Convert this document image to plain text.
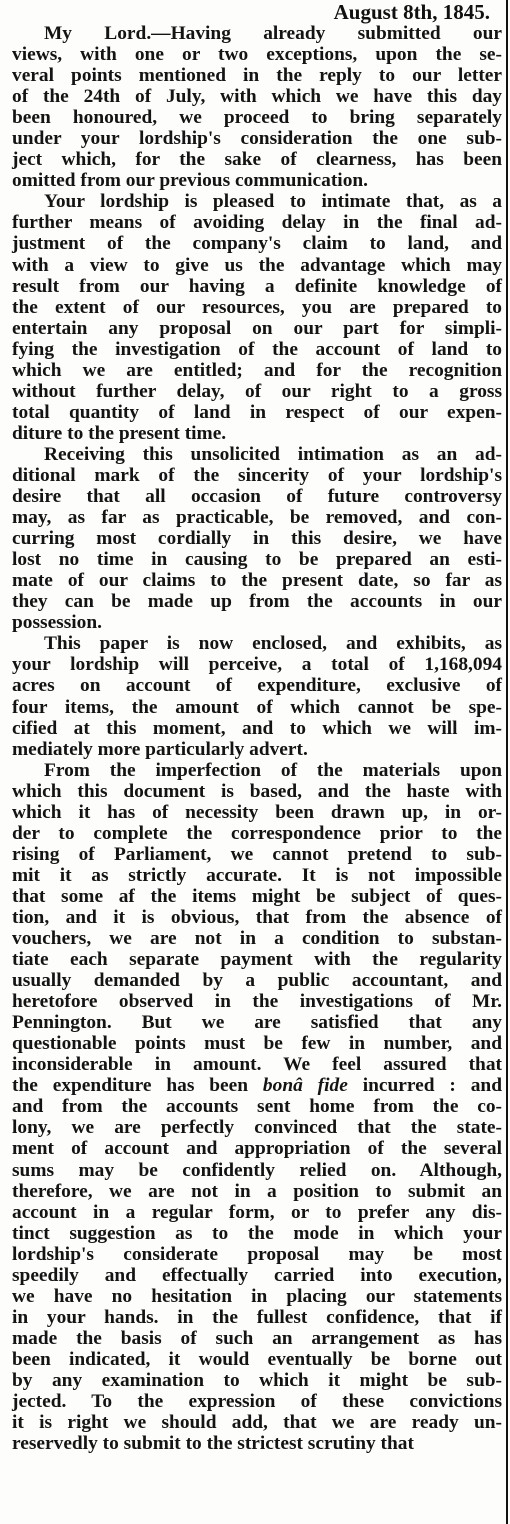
August 8th, 1845.
My Lord.—Having already submitted our
views, with one or two exceptions, upon the se-
veral points mentioned in the reply to our letter
of the 24th of July, with which we have this day
been honoured, we proceed to bring separately
under your lordship's consideration the one sub-
ject which, for the sake of clearness, has been
omitted from our previous communication.
Your lordship is pleased to intimate that, as a
further means of avoiding delay in the final ad-
justment of the company's claim to land, and
with a view to give us the advantage which may
result from our having a definite knowledge of
the extent of our resources, you are prepared to
entertain any proposal on our part for simpli-
fying the investigation of the account of land to
which we are entitled; and for the recognition
without further delay, of our right to a gross
total quantity of land in respect of our expen-
diture to the present time.
Receiving this unsolicited intimation as an ad-
ditional mark of the sincerity of your lordship's
desire that all occasion of future controversy
may, as far as practicable, be removed, and con-
curring most cordially in this desire, we have
lost no time in causing to be prepared an esti-
mate of our claims to the present date, so far as
they can be made up from the accounts in our
possession.
This paper is now enclosed, and exhibits, as
your lordship will perceive, a total of 1,168,094
acres on account of expenditure, exclusive of
four items, the amount of which cannot be spe-
cified at this moment, and to which we will im-
mediately more particularly advert.
From the imperfection of the materials upon
which this document is based, and the haste with
which it has of necessity been drawn up, in or-
der to complete the correspondence prior to the
rising of Parliament, we cannot pretend to sub-
mit it as strictly accurate. It is not impossible
that some af the items might be subject of ques-
tion, and it is obvious, that from the absence of
vouchers, we are not in a condition to substan-
tiate each separate payment with the regularity
usually demanded by a public accountant, and
heretofore observed in the investigations of Mr.
Pennington. But we are satisfied that any
questionable points must be few in number, and
inconsiderable in amount. We feel assured that
the expenditure has been bonâ fide incurred : and
and from the accounts sent home from the co-
lony, we are perfectly convinced that the state-
ment of account and appropriation of the several
sums may be confidently relied on. Although,
therefore, we are not in a position to submit an
account in a regular form, or to prefer any dis-
tinct suggestion as to the mode in which your
lordship's considerate proposal may be most
speedily and effectually carried into execution,
we have no hesitation in placing our statements
in your hands. in the fullest confidence, that if
made the basis of such an arrangement as has
been indicated, it would eventually be borne out
by any examination to which it might be sub-
jected. To the expression of these convictions
it is right we should add, that we are ready un-
reservedly to submit to the strictest scrutiny that
